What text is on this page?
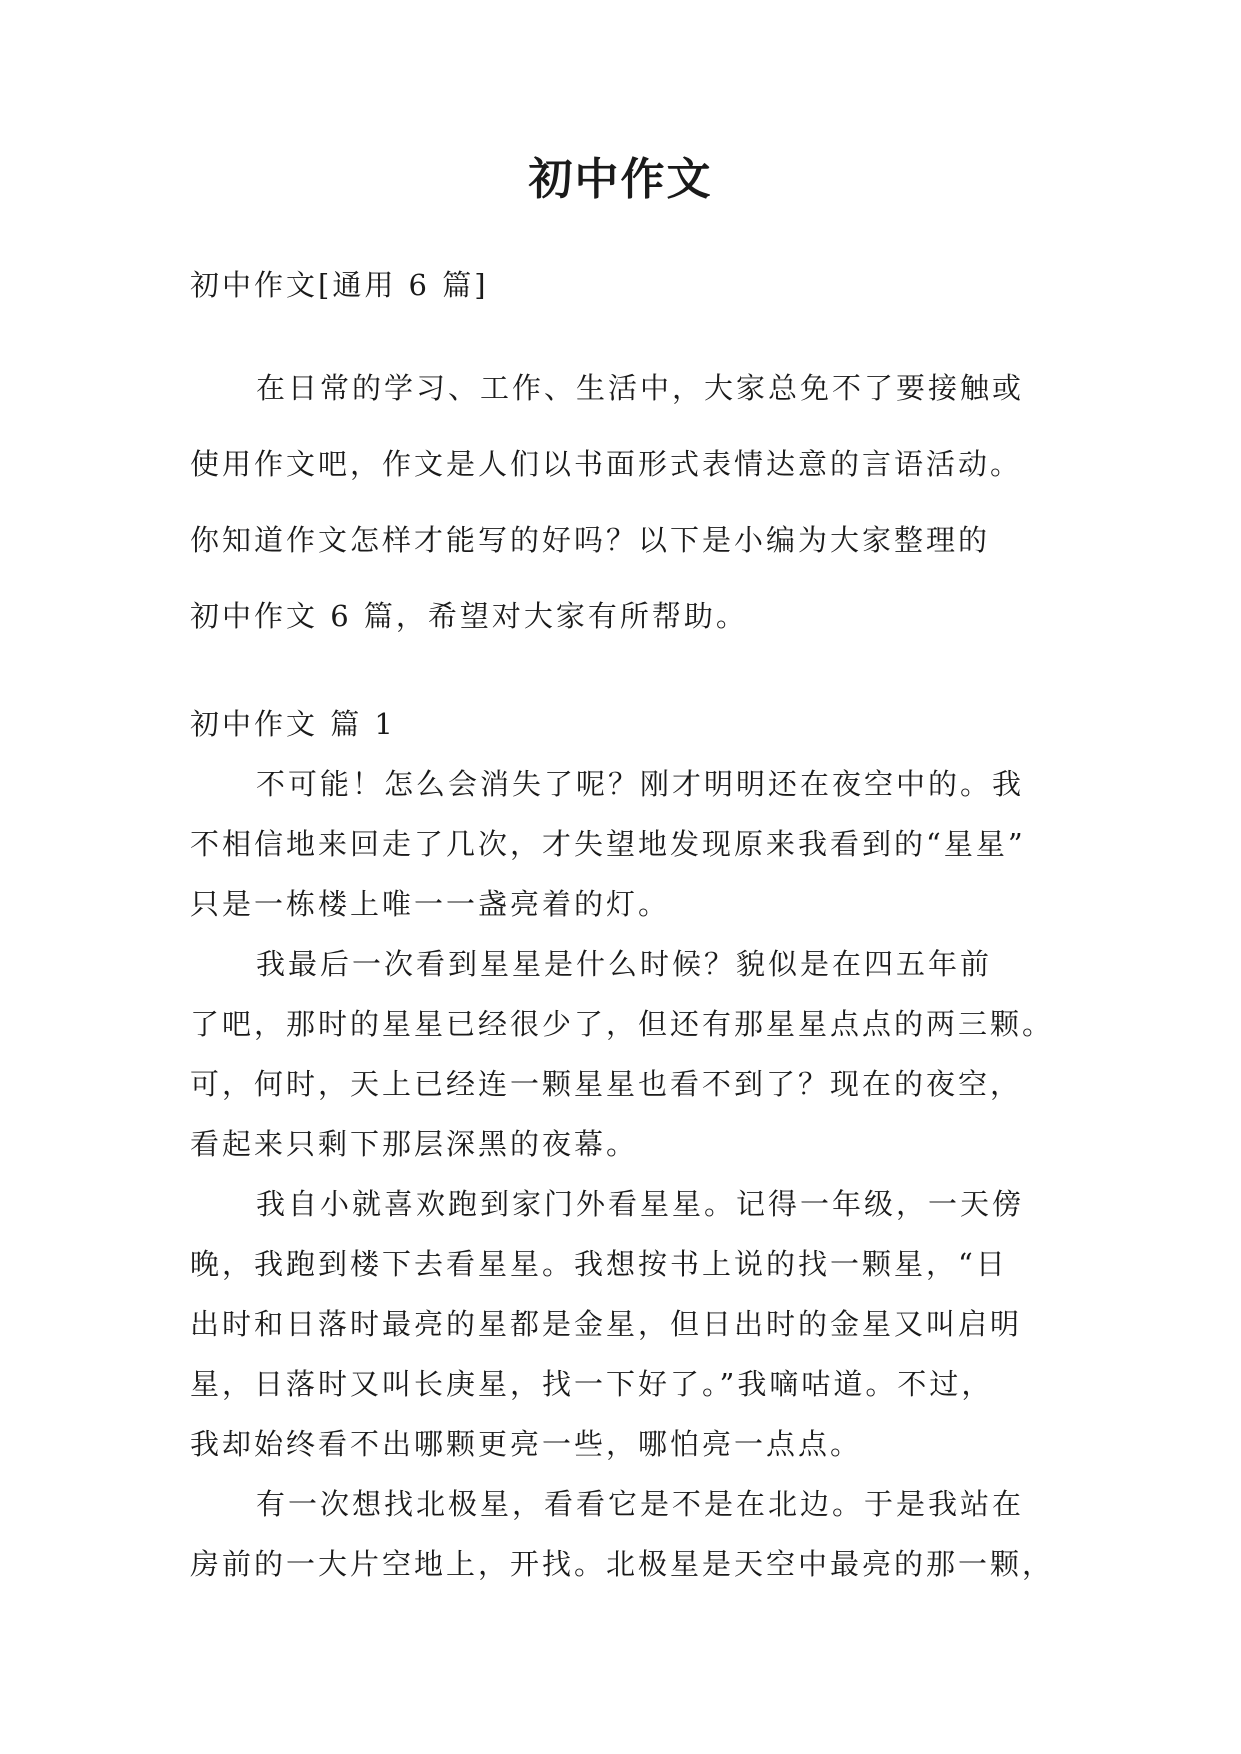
初中作文

初中作文[通用 6 篇]

在日常的学习、工作、生活中，大家总免不了要接触或

使用作文吧，作文是人们以书面形式表情达意的言语活动。

你知道作文怎样才能写的好吗？以下是小编为大家整理的

初中作文 6 篇，希望对大家有所帮助。

初中作文 篇 1

不可能！怎么会消失了呢？刚才明明还在夜空中的。我

不相信地来回走了几次，才失望地发现原来我看到的“星星”

只是一栋楼上唯一一盏亮着的灯。

我最后一次看到星星是什么时候？貌似是在四五年前

了吧，那时的星星已经很少了，但还有那星星点点的两三颗。

可，何时，天上已经连一颗星星也看不到了？现在的夜空，

看起来只剩下那层深黑的夜幕。

我自小就喜欢跑到家门外看星星。记得一年级，一天傍

晚，我跑到楼下去看星星。我想按书上说的找一颗星，“日

出时和日落时最亮的星都是金星，但日出时的金星又叫启明

星，日落时又叫长庚星，找一下好了。”我嘀咕道。不过，

我却始终看不出哪颗更亮一些，哪怕亮一点点。

有一次想找北极星，看看它是不是在北边。于是我站在

房前的一大片空地上，开找。北极星是天空中最亮的那一颗，
